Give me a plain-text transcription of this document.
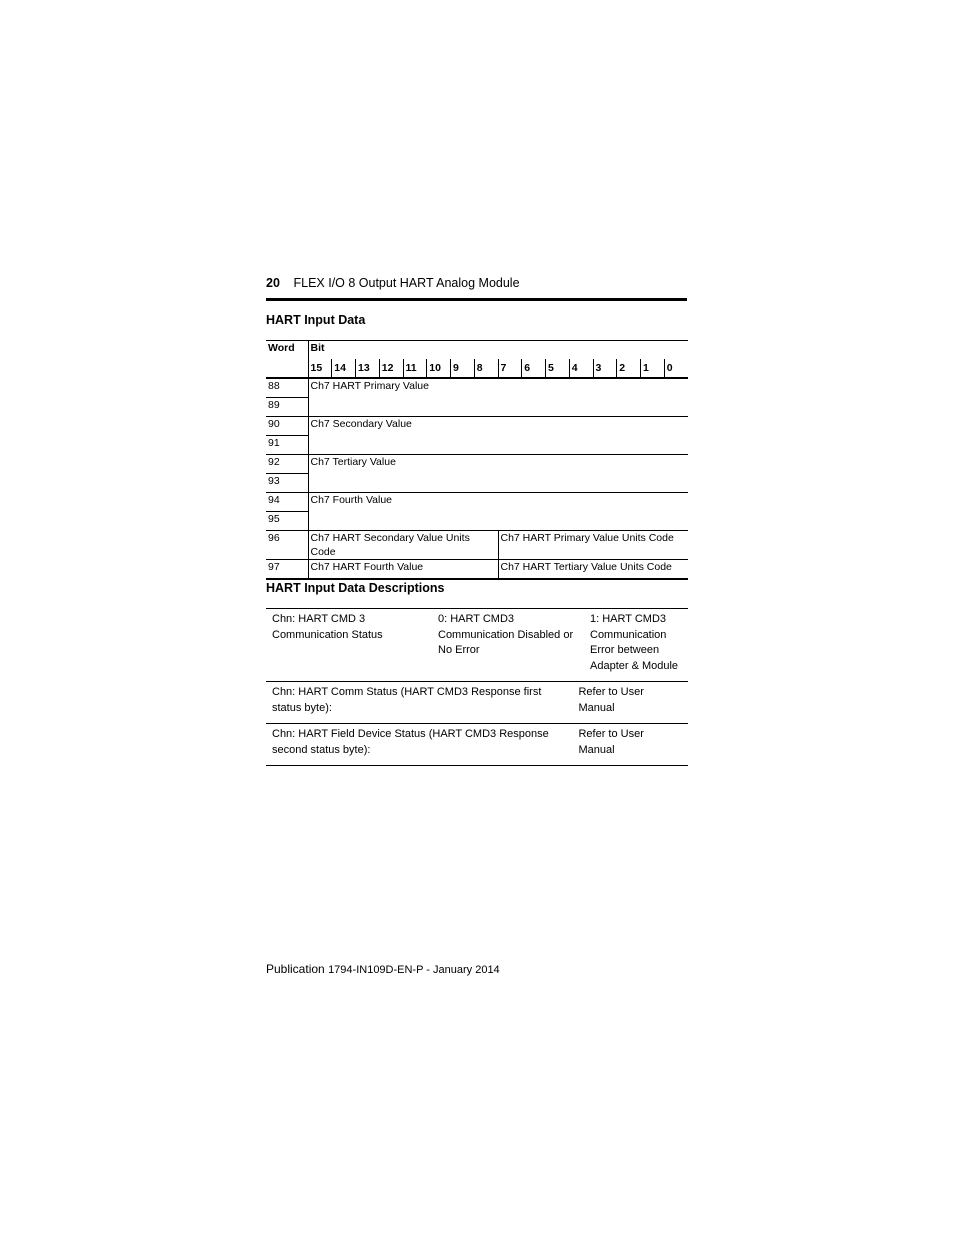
20 FLEX I/O 8 Output HART Analog Module
HART Input Data
Word	Bit															
	15	14	13	12	11	10	9	8	7	6	5	4	3	2	1	0
88	Ch7 HART Primary Value															
89																
90	Ch7 Secondary Value															
91																
92	Ch7 Tertiary Value															
93																
94	Ch7 Fourth Value															
95																
96	Ch7 HART Secondary Value Units Code								Ch7 HART Primary Value Units Code							
97	Ch7 HART Fourth Value								Ch7 HART Tertiary Value Units Code							
HART Input Data Descriptions
Chn: HART CMD 3 Communication Status	0: HART CMD3 Communication Disabled or No Error		1: HART CMD3 Communication Error between Adapter & Module
Chn: HART Comm Status (HART CMD3 Response first status byte):		Refer to User Manual	
Chn: HART Field Device Status (HART CMD3 Response second status byte):		Refer to User Manual	
Publication 1794-IN109D-EN-P - January 2014
